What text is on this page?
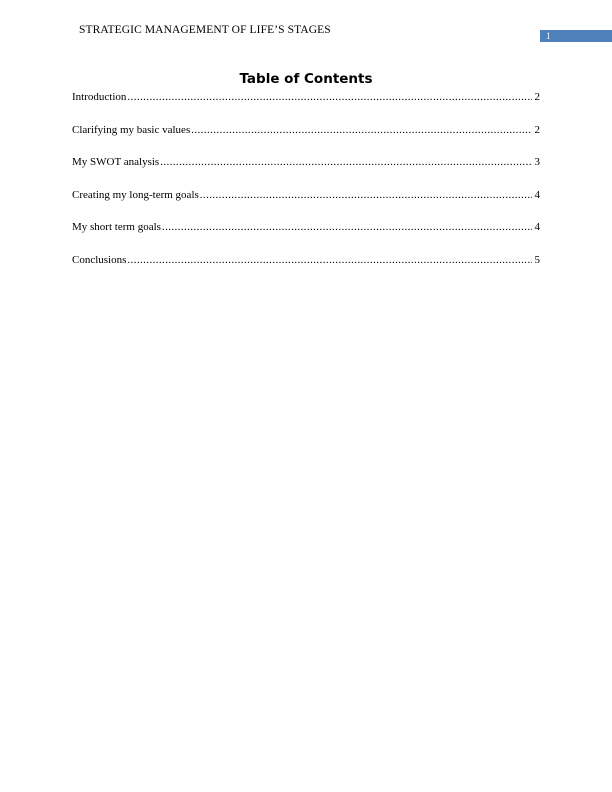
STRATEGIC MANAGEMENT OF LIFE’S STAGES	1
Table of Contents
Introduction .....	2
Clarifying my basic values .....	2
My SWOT analysis .....	3
Creating my long-term goals .....	4
My short term goals .....	4
Conclusions .....	5
